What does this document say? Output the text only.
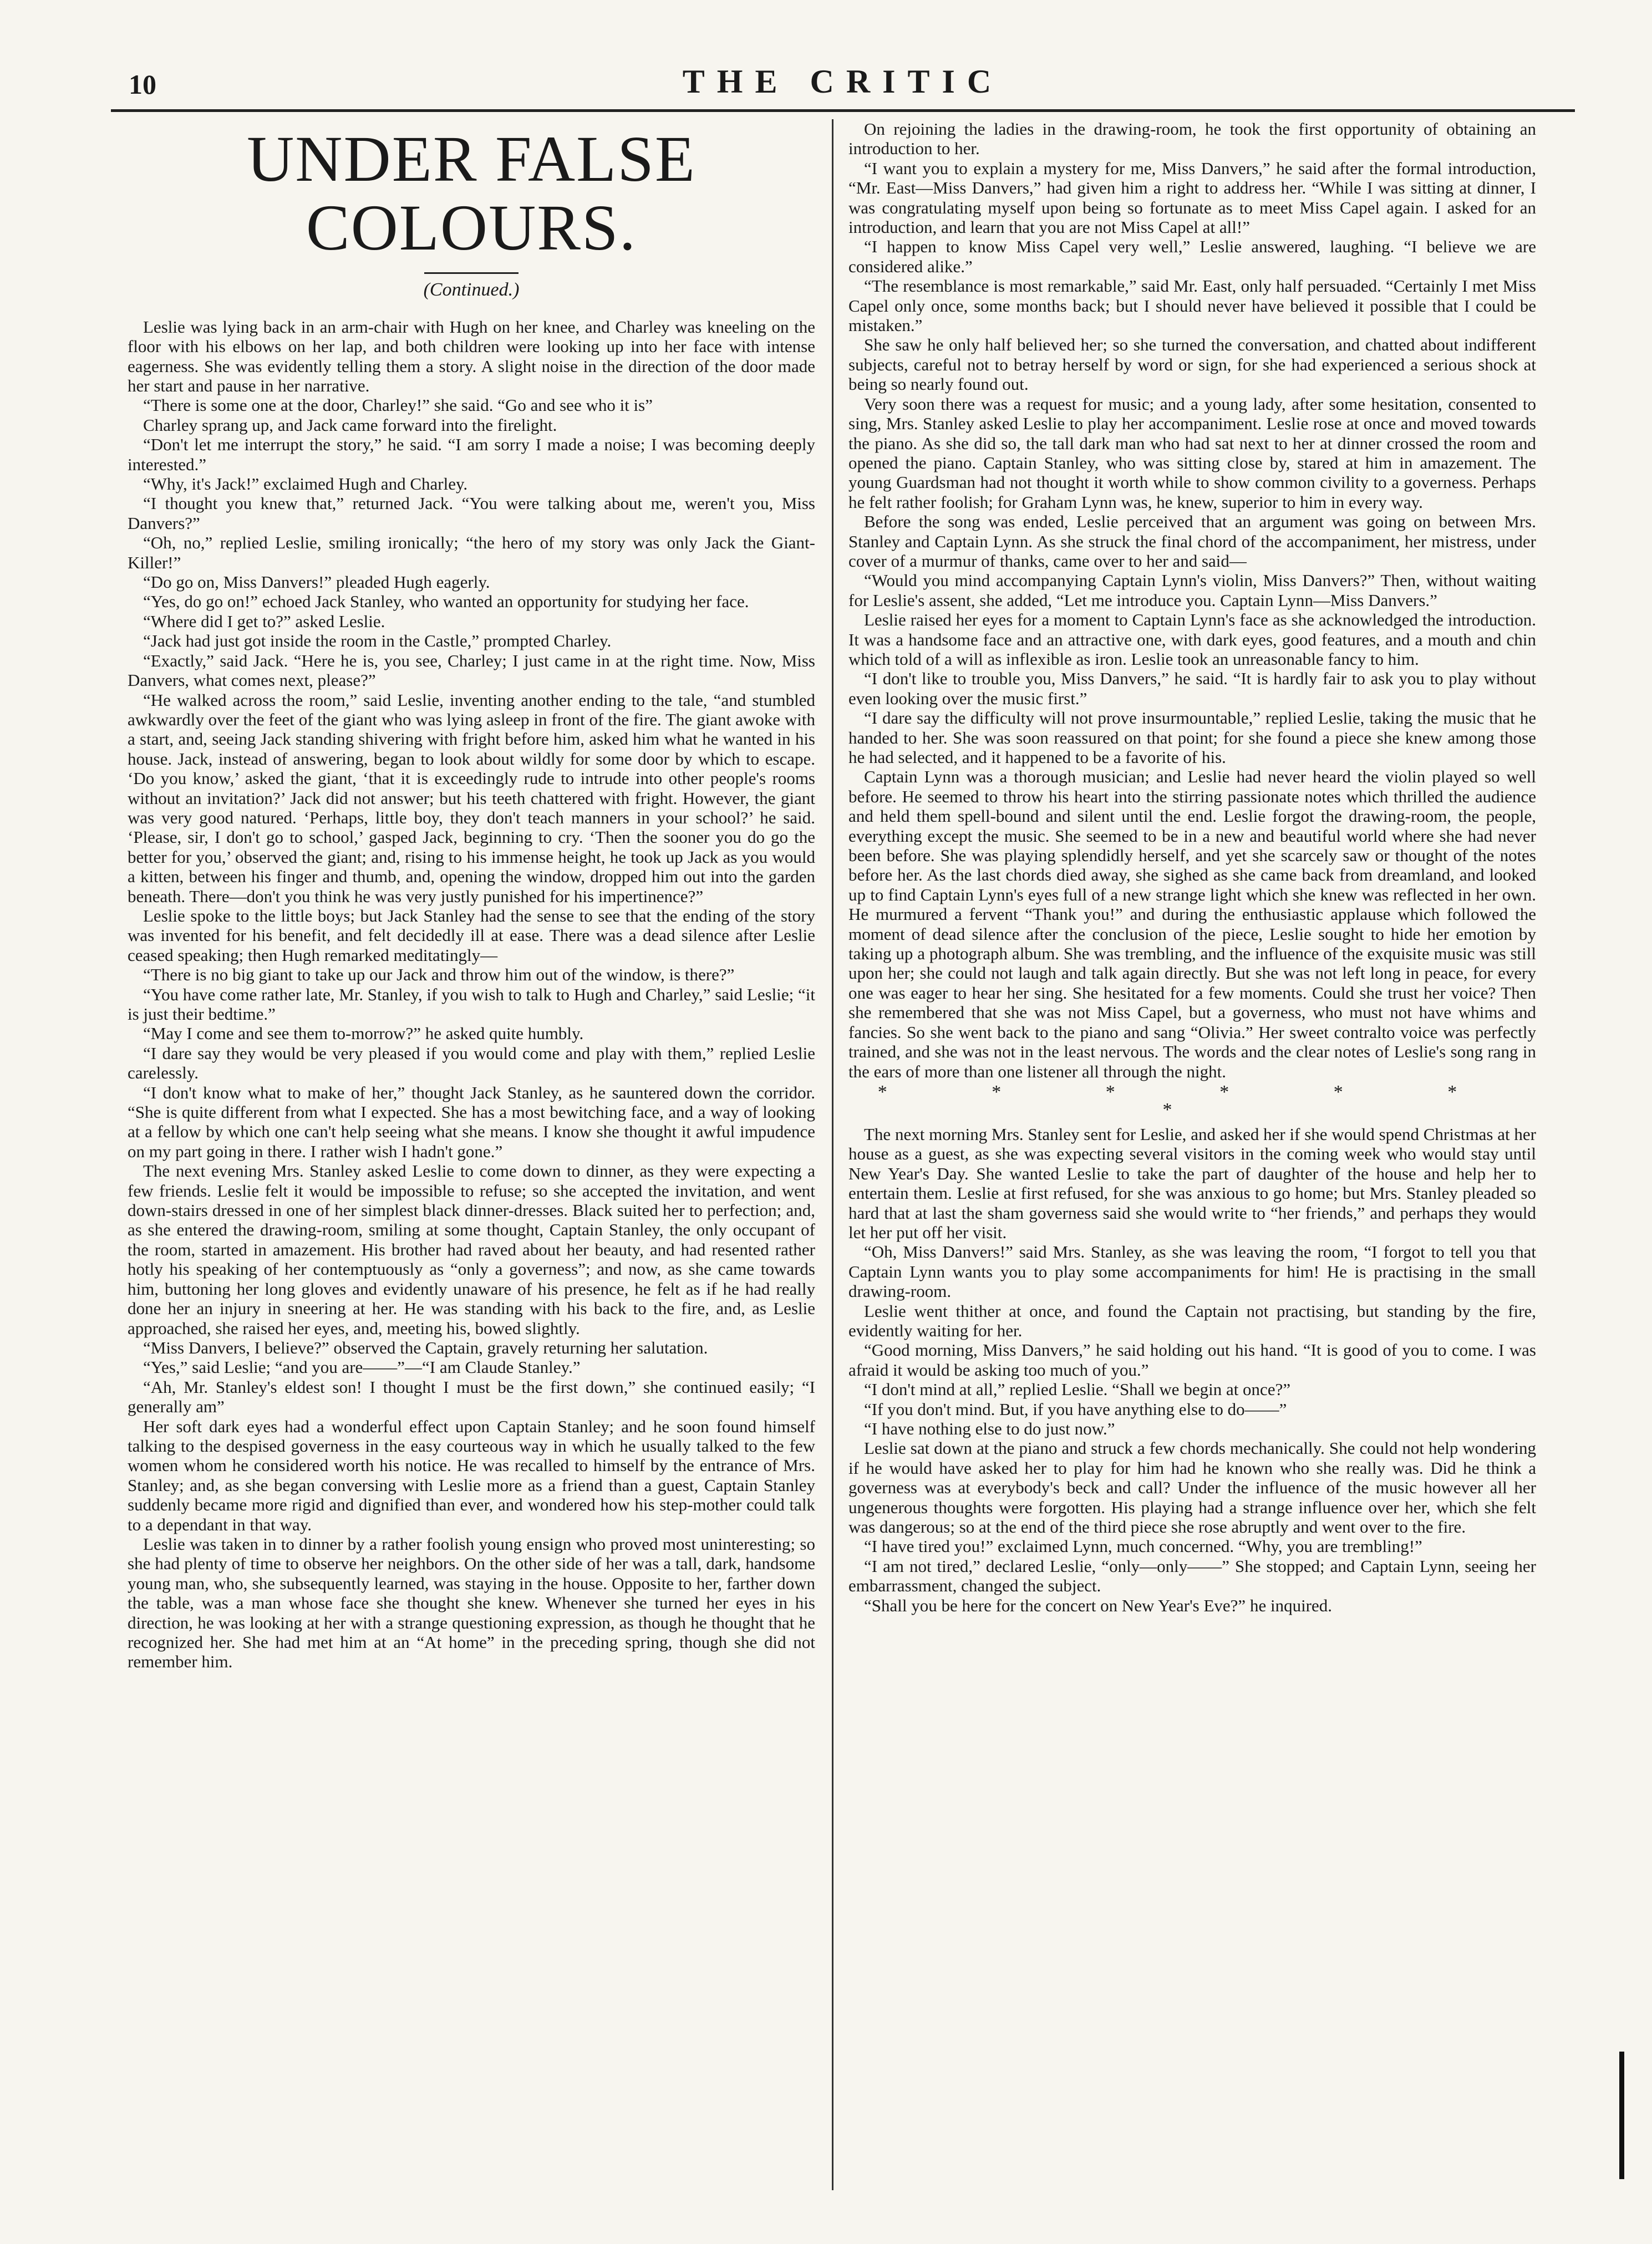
10	THE CRITIC
UNDER FALSE COLOURS.
(Continued.)

Leslie was lying back in an arm-chair with Hugh on her knee, and Charley was kneeling on the floor with his elbows on her lap, and both children were looking up into her face with intense eagerness. She was evidently telling them a story. A slight noise in the direction of the door made her start and pause in her narrative.

“There is some one at the door, Charley!” she said. “Go and see who it is”

Charley sprang up, and Jack came forward into the firelight.

“Don't let me interrupt the story,” he said. “I am sorry I made a noise; I was becoming deeply interested.”

“Why, it's Jack!” exclaimed Hugh and Charley.

“I thought you knew that,” returned Jack. “You were talking about me, weren't you, Miss Danvers?”

“Oh, no,” replied Leslie, smiling ironically; “the hero of my story was only Jack the Giant-Killer!”

“Do go on, Miss Danvers!” pleaded Hugh eagerly.

“Yes, do go on!” echoed Jack Stanley, who wanted an opportunity for studying her face.

“Where did I get to?” asked Leslie.

“Jack had just got inside the room in the Castle,” prompted Charley.

“Exactly,” said Jack. “Here he is, you see, Charley; I just came in at the right time. Now, Miss Danvers, what comes next, please?”

“He walked across the room,” said Leslie, inventing another ending to the tale, “and stumbled awkwardly over the feet of the giant who was lying asleep in front of the fire. The giant awoke with a start, and, seeing Jack standing shivering with fright before him, asked him what he wanted in his house. Jack, instead of answering, began to look about wildly for some door by which to escape. ‘Do you know,’ asked the giant, ‘that it is exceedingly rude to intrude into other people's rooms without an invitation?’ Jack did not answer; but his teeth chattered with fright. However, the giant was very good natured. ‘Perhaps, little boy, they don't teach manners in your school?’ he said. ‘Please, sir, I don't go to school,’ gasped Jack, beginning to cry. ‘Then the sooner you do go the better for you,’ observed the giant; and, rising to his immense height, he took up Jack as you would a kitten, between his finger and thumb, and, opening the window, dropped him out into the garden beneath. There—don't you think he was very justly punished for his impertinence?”

Leslie spoke to the little boys; but Jack Stanley had the sense to see that the ending of the story was invented for his benefit, and felt decidedly ill at ease. There was a dead silence after Leslie ceased speaking; then Hugh remarked meditatingly—

“There is no big giant to take up our Jack and throw him out of the window, is there?”

“You have come rather late, Mr. Stanley, if you wish to talk to Hugh and Charley,” said Leslie; “it is just their bedtime.”

“May I come and see them to-morrow?” he asked quite humbly.

“I dare say they would be very pleased if you would come and play with them,” replied Leslie carelessly.

“I don't know what to make of her,” thought Jack Stanley, as he sauntered down the corridor. “She is quite different from what I expected. She has a most bewitching face, and a way of looking at a fellow by which one can't help seeing what she means. I know she thought it awful impudence on my part going in there. I rather wish I hadn't gone.”

The next evening Mrs. Stanley asked Leslie to come down to dinner, as they were expecting a few friends. Leslie felt it would be impossible to refuse; so she accepted the invitation, and went down-stairs dressed in one of her simplest black dinner-dresses. Black suited her to perfection; and, as she entered the drawing-room, smiling at some thought, Captain Stanley, the only occupant of the room, started in amazement. His brother had raved about her beauty, and had resented rather hotly his speaking of her contemptuously as “only a governess”; and now, as she came towards him, buttoning her long gloves and evidently unaware of his presence, he felt as if he had really done her an injury in sneering at her. He was standing with his back to the fire, and, as Leslie approached, she raised her eyes, and, meeting his, bowed slightly.

“Miss Danvers, I believe?” observed the Captain, gravely returning her salutation.

“Yes,” said Leslie; “and you are——”—“I am Claude Stanley.”

“Ah, Mr. Stanley's eldest son! I thought I must be the first down,” she continued easily; “I generally am”

Her soft dark eyes had a wonderful effect upon Captain Stanley; and he soon found himself talking to the despised governess in the easy courteous way in which he usually talked to the few women whom he considered worth his notice. He was recalled to himself by the entrance of Mrs. Stanley; and, as she began conversing with Leslie more as a friend than a guest, Captain Stanley suddenly became more rigid and dignified than ever, and wondered how his step-mother could talk to a dependant in that way.

Leslie was taken in to dinner by a rather foolish young ensign who proved most uninteresting; so she had plenty of time to observe her neighbors. On the other side of her was a tall, dark, handsome young man, who, she subsequently learned, was staying in the house. Opposite to her, farther down the table, was a man whose face she thought she knew. Whenever she turned her eyes in his direction, he was looking at her with a strange questioning expression, as though he thought that he recognized her. She had met him at an “At home” in the preceding spring, though she did not remember him.

On rejoining the ladies in the drawing-room, he took the first opportunity of obtaining an introduction to her.

“I want you to explain a mystery for me, Miss Danvers,” he said after the formal introduction, “Mr. East—Miss Danvers,” had given him a right to address her. “While I was sitting at dinner, I was congratulating myself upon being so fortunate as to meet Miss Capel again. I asked for an introduction, and learn that you are not Miss Capel at all!”

“I happen to know Miss Capel very well,” Leslie answered, laughing. “I believe we are considered alike.”

“The resemblance is most remarkable,” said Mr. East, only half persuaded. “Certainly I met Miss Capel only once, some months back; but I should never have believed it possible that I could be mistaken.”

She saw he only half believed her; so she turned the conversation, and chatted about indifferent subjects, careful not to betray herself by word or sign, for she had experienced a serious shock at being so nearly found out.

Very soon there was a request for music; and a young lady, after some hesitation, consented to sing, Mrs. Stanley asked Leslie to play her accompaniment. Leslie rose at once and moved towards the piano. As she did so, the tall dark man who had sat next to her at dinner crossed the room and opened the piano. Captain Stanley, who was sitting close by, stared at him in amazement. The young Guardsman had not thought it worth while to show common civility to a governess. Perhaps he felt rather foolish; for Graham Lynn was, he knew, superior to him in every way.

Before the song was ended, Leslie perceived that an argument was going on between Mrs. Stanley and Captain Lynn. As she struck the final chord of the accompaniment, her mistress, under cover of a murmur of thanks, came over to her and said—

“Would you mind accompanying Captain Lynn's violin, Miss Danvers?” Then, without waiting for Leslie's assent, she added, “Let me introduce you. Captain Lynn—Miss Danvers.”

Leslie raised her eyes for a moment to Captain Lynn's face as she acknowledged the introduction. It was a handsome face and an attractive one, with dark eyes, good features, and a mouth and chin which told of a will as inflexible as iron. Leslie took an unreasonable fancy to him.

“I don't like to trouble you, Miss Danvers,” he said. “It is hardly fair to ask you to play without even looking over the music first.”

“I dare say the difficulty will not prove insurmountable,” replied Leslie, taking the music that he handed to her. She was soon reassured on that point; for she found a piece she knew among those he had selected, and it happened to be a favorite of his.

Captain Lynn was a thorough musician; and Leslie had never heard the violin played so well before. He seemed to throw his heart into the stirring passionate notes which thrilled the audience and held them spell-bound and silent until the end. Leslie forgot the drawing-room, the people, everything except the music. She seemed to be in a new and beautiful world where she had never been before. She was playing splendidly herself, and yet she scarcely saw or thought of the notes before her. As the last chords died away, she sighed as she came back from dreamland, and looked up to find Captain Lynn's eyes full of a new strange light which she knew was reflected in her own. He murmured a fervent “Thank you!” and during the enthusiastic applause which followed the moment of dead silence after the conclusion of the piece, Leslie sought to hide her emotion by taking up a photograph album. She was trembling, and the influence of the exquisite music was still upon her; she could not laugh and talk again directly. But she was not left long in peace, for every one was eager to hear her sing. She hesitated for a few moments. Could she trust her voice? Then she remembered that she was not Miss Capel, but a governess, who must not have whims and fancies. So she went back to the piano and sang “Olivia.” Her sweet contralto voice was perfectly trained, and she was not in the least nervous. The words and the clear notes of Leslie's song rang in the ears of more than one listener all through the night.

* * * * * * *

The next morning Mrs. Stanley sent for Leslie, and asked her if she would spend Christmas at her house as a guest, as she was expecting several visitors in the coming week who would stay until New Year's Day. She wanted Leslie to take the part of daughter of the house and help her to entertain them. Leslie at first refused, for she was anxious to go home; but Mrs. Stanley pleaded so hard that at last the sham governess said she would write to “her friends,” and perhaps they would let her put off her visit.

“Oh, Miss Danvers!” said Mrs. Stanley, as she was leaving the room, “I forgot to tell you that Captain Lynn wants you to play some accompaniments for him! He is practising in the small drawing-room.

Leslie went thither at once, and found the Captain not practising, but standing by the fire, evidently waiting for her.

“Good morning, Miss Danvers,” he said holding out his hand. “It is good of you to come. I was afraid it would be asking too much of you.”

“I don't mind at all,” replied Leslie. “Shall we begin at once?”

“If you don't mind. But, if you have anything else to do——”

“I have nothing else to do just now.”

Leslie sat down at the piano and struck a few chords mechanically. She could not help wondering if he would have asked her to play for him had he known who she really was. Did he think a governess was at everybody's beck and call? Under the influence of the music however all her ungenerous thoughts were forgotten. His playing had a strange influence over her, which she felt was dangerous; so at the end of the third piece she rose abruptly and went over to the fire.

“I have tired you!” exclaimed Lynn, much concerned. “Why, you are trembling!”

“I am not tired,” declared Leslie, “only—only——” She stopped; and Captain Lynn, seeing her embarrassment, changed the subject.

“Shall you be here for the concert on New Year's Eve?” he inquired.
